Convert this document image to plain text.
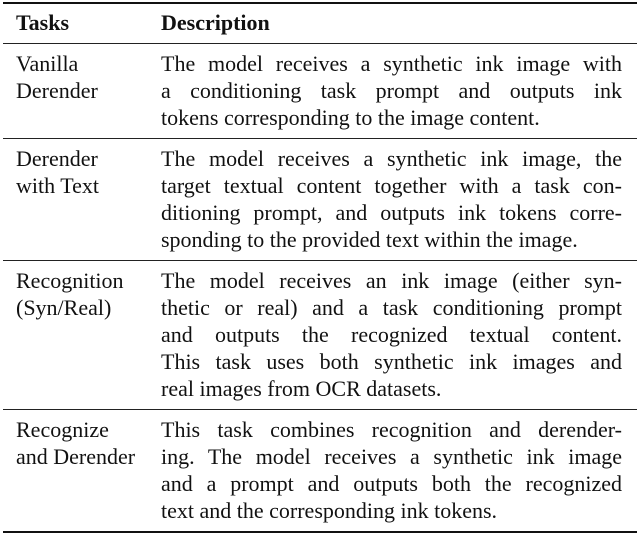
Tasks	Description
Vanilla
Derender
The model receives a synthetic ink image with
a conditioning task prompt and outputs ink
tokens corresponding to the image content.
Derender
with Text
The model receives a synthetic ink image, the
target textual content together with a task con-
ditioning prompt, and outputs ink tokens corre-
sponding to the provided text within the image.
Recognition
(Syn/Real)
The model receives an ink image (either syn-
thetic or real) and a task conditioning prompt
and outputs the recognized textual content.
This task uses both synthetic ink images and
real images from OCR datasets.
Recognize
and Derender
This task combines recognition and derender-
ing. The model receives a synthetic ink image
and a prompt and outputs both the recognized
text and the corresponding ink tokens.
